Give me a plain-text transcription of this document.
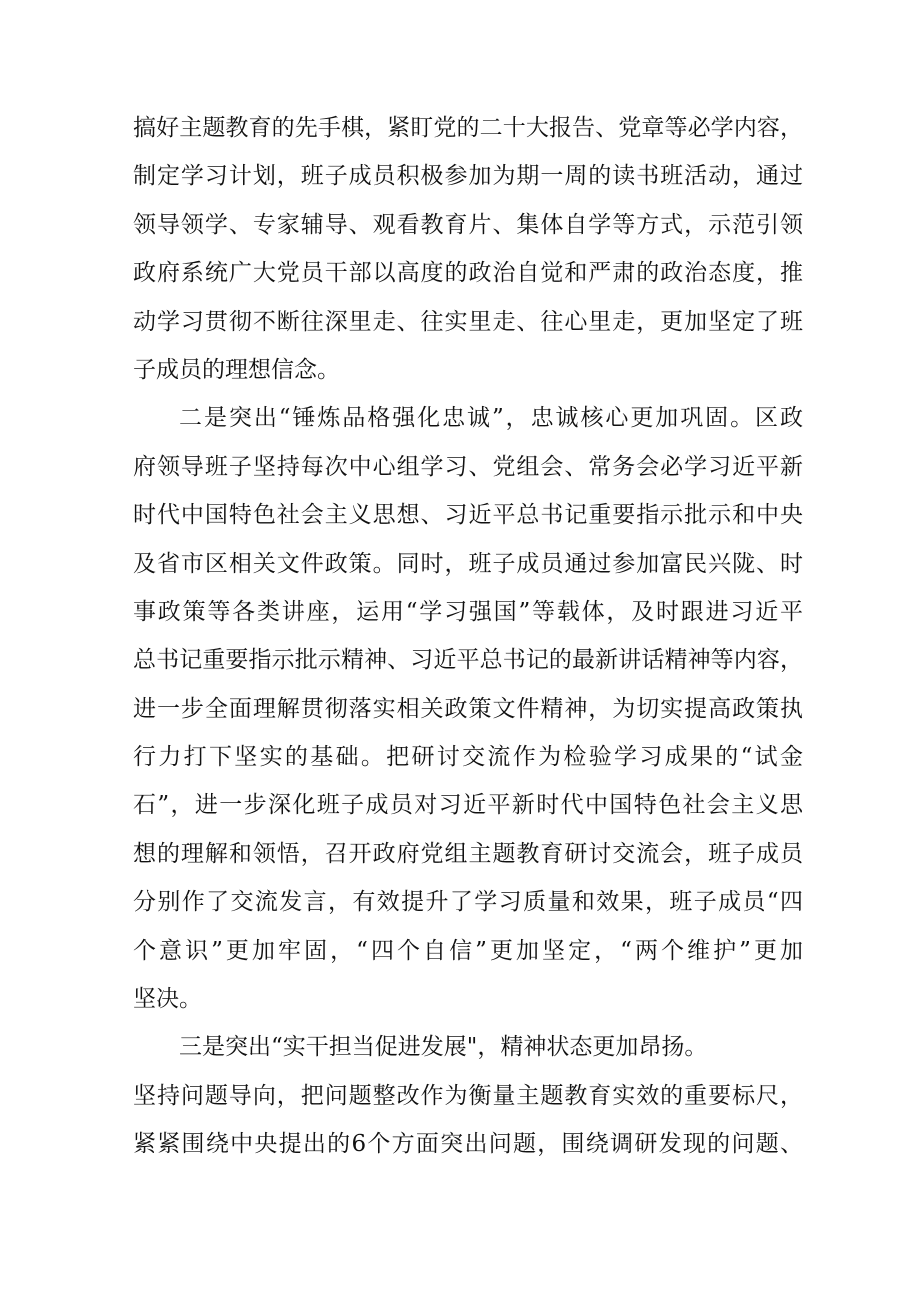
搞好主题教育的先手棋，紧盯党的二十大报告、党章等必学内容，
制定学习计划，班子成员积极参加为期一周的读书班活动，通过
领导领学、专家辅导、观看教育片、集体自学等方式，示范引领
政府系统广大党员干部以高度的政治自觉和严肃的政治态度，推
动学习贯彻不断往深里走、往实里走、往心里走，更加坚定了班
子成员的理想信念。
二是突出“锤炼品格强化忠诚”，忠诚核心更加巩固。区政
府领导班子坚持每次中心组学习、党组会、常务会必学习近平新
时代中国特色社会主义思想、习近平总书记重要指示批示和中央
及省市区相关文件政策。同时，班子成员通过参加富民兴陇、时
事政策等各类讲座，运用“学习强国”等载体，及时跟进习近平
总书记重要指示批示精神、习近平总书记的最新讲话精神等内容，
进一步全面理解贯彻落实相关政策文件精神，为切实提高政策执
行力打下坚实的基础。把研讨交流作为检验学习成果的“试金
石”，进一步深化班子成员对习近平新时代中国特色社会主义思
想的理解和领悟，召开政府党组主题教育研讨交流会，班子成员
分别作了交流发言，有效提升了学习质量和效果，班子成员“四
个意识”更加牢固，“四个自信”更加坚定，“两个维护”更加
坚决。
三是突出“实干担当促进发展"，精神状态更加昂扬。
坚持问题导向，把问题整改作为衡量主题教育实效的重要标尺，
紧紧围绕中央提出的6个方面突出问题，围绕调研发现的问题、
